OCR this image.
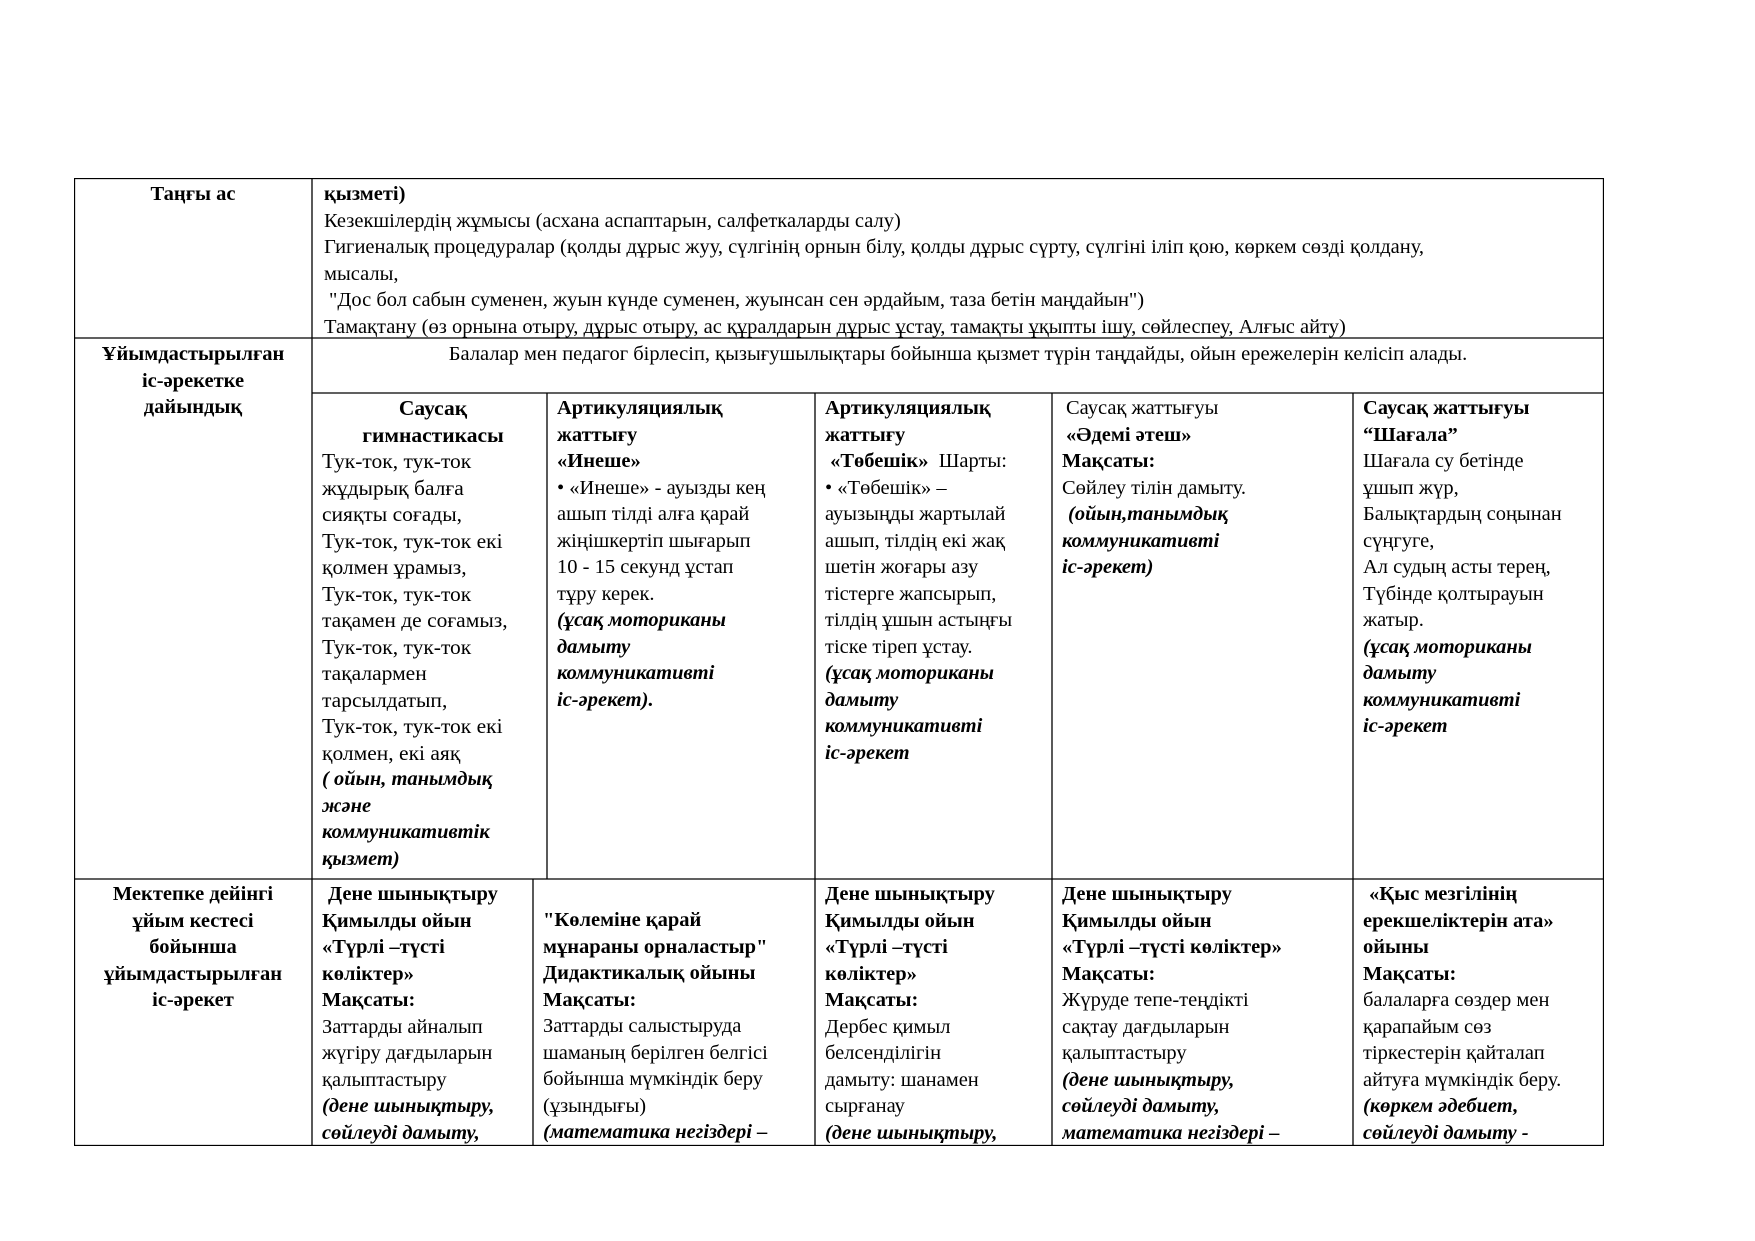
Таңғы ас	қызметі)
Кезекшілердің жұмысы (асхана аспаптарын, салфеткаларды салу)
Гигиеналық процедуралар (қолды дұрыс жуу, сүлгінің орнын білу, қолды дұрыс сүрту, сүлгіні іліп қою, көркем сөзді қолдану,
мысалы,
"Дос бол сабын суменен, жуын күнде суменен, жуынсан сен әрдайым, таза бетін маңдайын")
Тамақтану (өз орнына отыру, дұрыс отыру, ас құралдарын дұрыс ұстау, тамақты ұқыпты ішу, сөйлеспеу, Алғыс айту)
Ұйымдастырылған
іс-әрекетке
дайындық
Балалар мен педагог бірлесіп, қызығушылықтары бойынша қызмет түрін таңдайды, ойын ережелерін келісіп алады.
Саусақ
гимнастикасы
Тук-ток, тук-ток
жұдырық балға
сияқты соғады,
Тук-ток, тук-ток екі
қолмен ұрамыз,
Тук-ток, тук-ток
тақамен де соғамыз,
Тук-ток, тук-ток
тақалармен
тарсылдатып,
Тук-ток, тук-ток екі
қолмен, екі аяқ
( ойын, танымдық
және
коммуникативтік
қызмет)
Артикуляциялық
жаттығу
«Инеше»
• «Инеше» - ауызды кең
ашып тілді алға қарай
жіңішкертіп шығарып
10 - 15 секунд ұстап
тұру керек.
(ұсақ моториканы
дамыту
коммуникативті
іс-әрекет).
Артикуляциялық
жаттығу
«Төбешік» Шарты:
• «Төбешік» –
ауызыңды жартылай
ашып, тілдің екі жақ
шетін жоғары азу
тістерге жапсырып,
тілдің ұшын астыңғы
тіске тіреп ұстау.
(ұсақ моториканы
дамыту
коммуникативті
іс-әрекет
Саусақ жаттығуы
«Әдемі әтеш»
Мақсаты:
Сөйлеу тілін дамыту.
(ойын,танымдық
коммуникативті
іс-әрекет)
Саусақ жаттығуы
“Шағала”
Шағала су бетінде
ұшып жүр,
Балықтардың соңынан
сүңгуге,
Ал судың асты терең,
Түбінде қолтырауын
жатыр.
(ұсақ моториканы
дамыту
коммуникативті
іс-әрекет
Мектепке дейінгі
ұйым кестесі
бойынша
ұйымдастырылған
іс-әрекет
Дене шынықтыру
Қимылды ойын
«Түрлі –түсті
көліктер»
Мақсаты:
Заттарды айналып
жүгіру дағдыларын
қалыптастыру
(дене шынықтыру,
сөйлеуді дамыту,
"Көлеміне қарай
мұнараны орналастыр"
Дидактикалық ойыны
Мақсаты:
Заттарды салыстыруда
шаманың берілген белгісі
бойынша мүмкіндік беру
(ұзындығы)
(математика негіздері –
Дене шынықтыру
Қимылды ойын
«Түрлі –түсті
көліктер»
Мақсаты:
Дербес қимыл
белсенділігін
дамыту: шанамен
сырғанау
(дене шынықтыру,
Дене шынықтыру
Қимылды ойын
«Түрлі –түсті көліктер»
Мақсаты:
Жүруде тепе-теңдікті
сақтау дағдыларын
қалыптастыру
(дене шынықтыру,
сөйлеуді дамыту,
математика негіздері –
«Қыс мезгілінің
ерекшеліктерін ата»
ойыны
Мақсаты:
балаларға сөздер мен
қарапайым сөз
тіркестерін қайталап
айтуға мүмкіндік беру.
(көркем әдебиет,
сөйлеуді дамыту -
